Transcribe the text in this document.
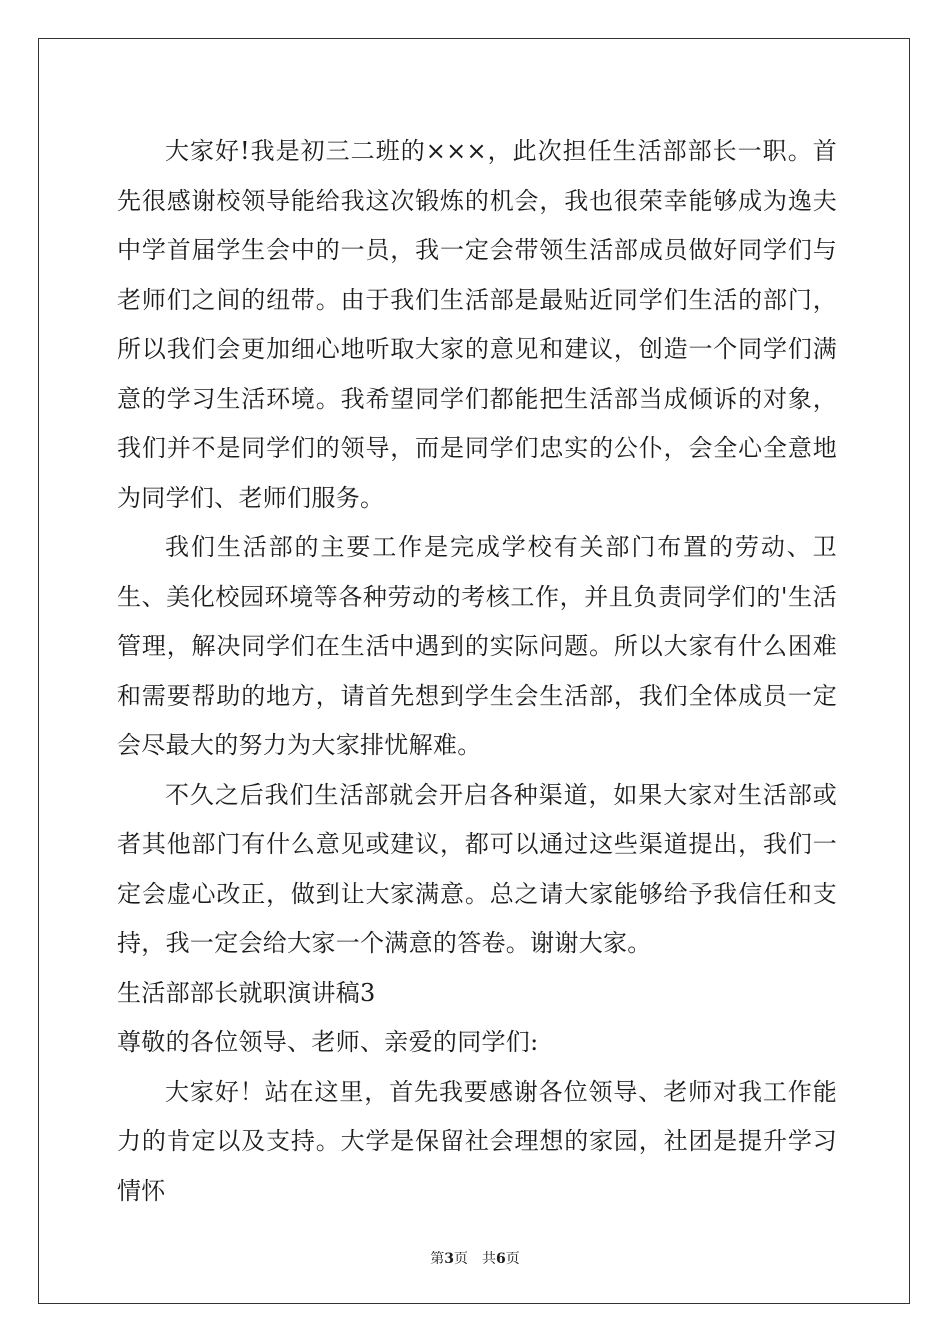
大家好!我是初三二班的×××，此次担任生活部部长一职。首先很感谢校领导能给我这次锻炼的机会，我也很荣幸能够成为逸夫中学首届学生会中的一员，我一定会带领生活部成员做好同学们与老师们之间的纽带。由于我们生活部是最贴近同学们生活的部门，所以我们会更加细心地听取大家的意见和建议，创造一个同学们满意的学习生活环境。我希望同学们都能把生活部当成倾诉的对象，我们并不是同学们的领导，而是同学们忠实的公仆，会全心全意地为同学们、老师们服务。

我们生活部的主要工作是完成学校有关部门布置的劳动、卫生、美化校园环境等各种劳动的考核工作，并且负责同学们的'生活管理，解决同学们在生活中遇到的实际问题。所以大家有什么困难和需要帮助的地方，请首先想到学生会生活部，我们全体成员一定会尽最大的努力为大家排忧解难。

不久之后我们生活部就会开启各种渠道，如果大家对生活部或者其他部门有什么意见或建议，都可以通过这些渠道提出，我们一定会虚心改正，做到让大家满意。总之请大家能够给予我信任和支持，我一定会给大家一个满意的答卷。谢谢大家。

生活部部长就职演讲稿3

尊敬的各位领导、老师、亲爱的同学们:

大家好！站在这里，首先我要感谢各位领导、老师对我工作能力的肯定以及支持。大学是保留社会理想的家园，社团是提升学习情怀

第3页 共6页
